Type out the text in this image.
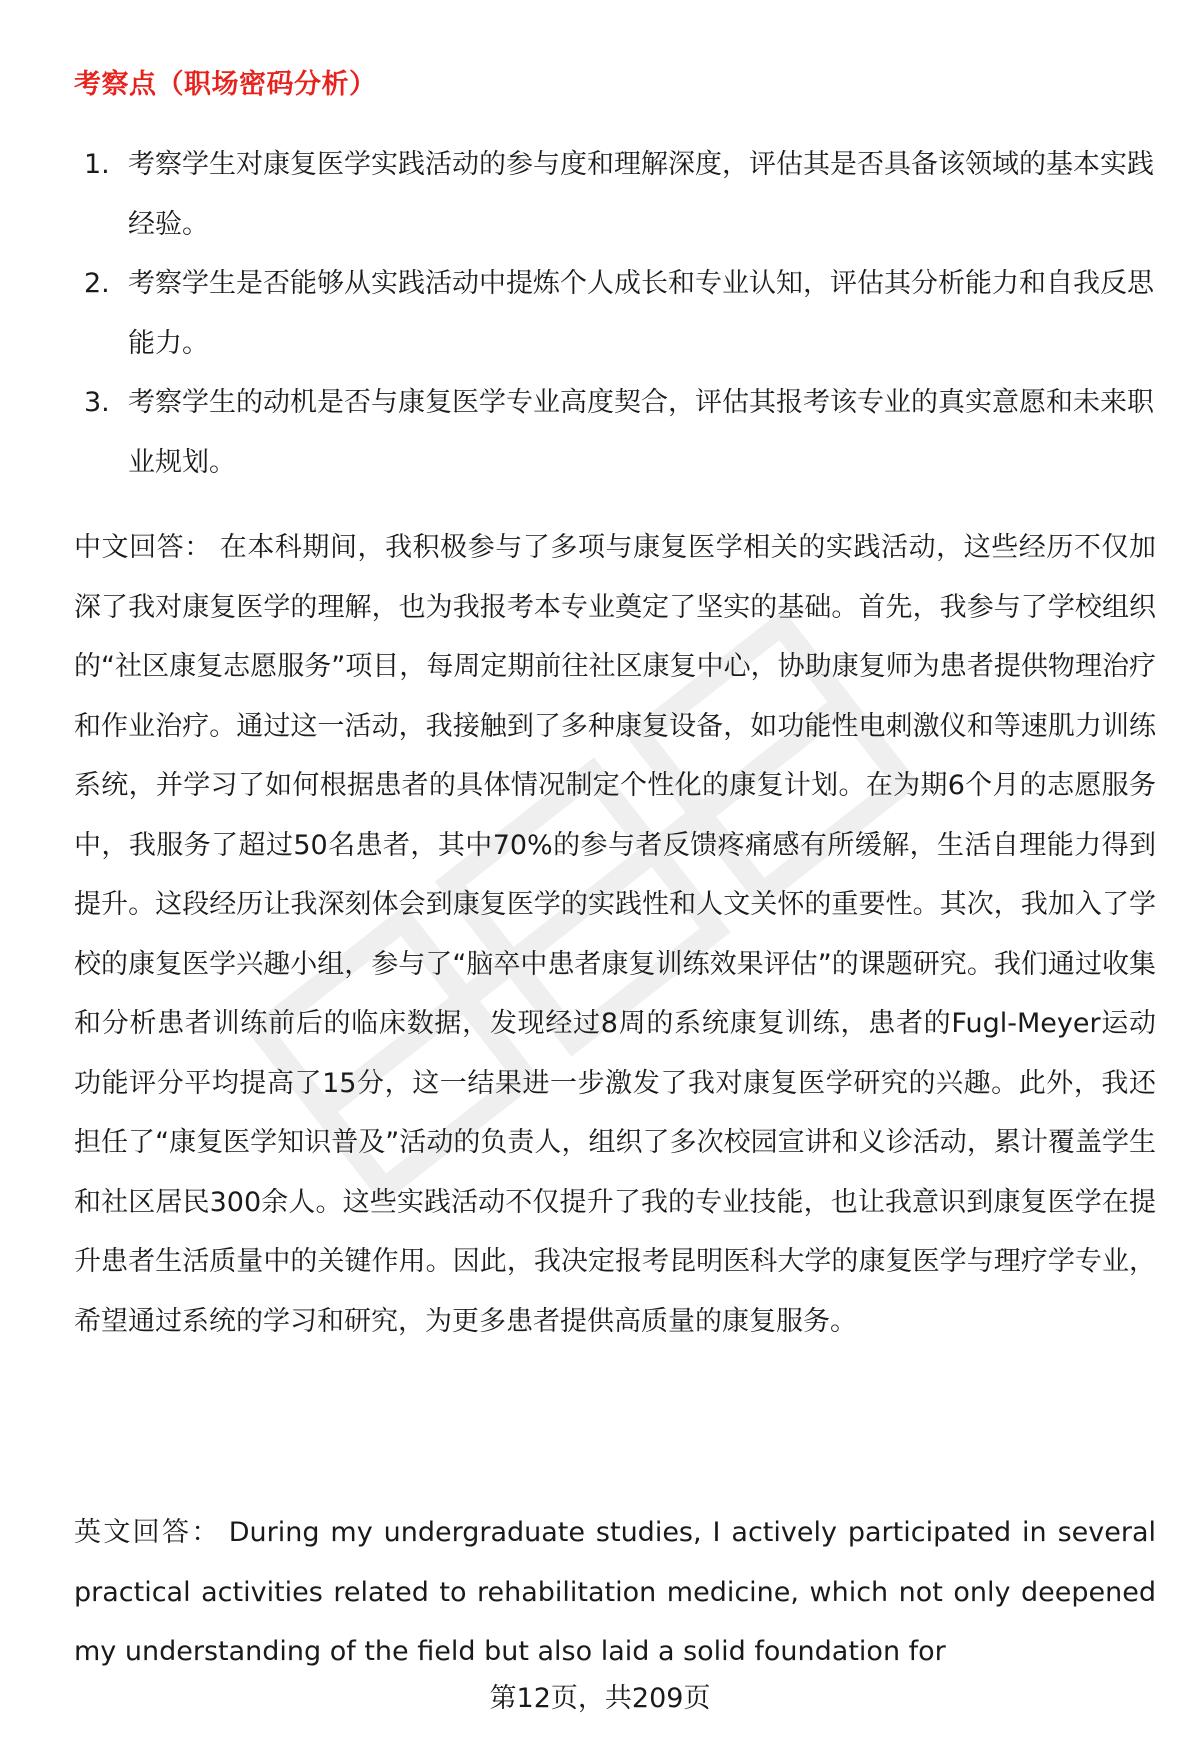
考察点（职场密码分析）
1. 考察学生对康复医学实践活动的参与度和理解深度，评估其是否具备该领域的基本实践经验。
2. 考察学生是否能够从实践活动中提炼个人成长和专业认知，评估其分析能力和自我反思能力。
3. 考察学生的动机是否与康复医学专业高度契合，评估其报考该专业的真实意愿和未来职业规划。

中文回答： 在本科期间，我积极参与了多项与康复医学相关的实践活动，这些经历不仅加深了我对康复医学的理解，也为我报考本专业奠定了坚实的基础。首先，我参与了学校组织的“社区康复志愿服务”项目，每周定期前往社区康复中心，协助康复师为患者提供物理治疗和作业治疗。通过这一活动，我接触到了多种康复设备，如功能性电刺激仪和等速肌力训练系统，并学习了如何根据患者的具体情况制定个性化的康复计划。在为期6个月的志愿服务中，我服务了超过50名患者，其中70%的参与者反馈疼痛感有所缓解，生活自理能力得到提升。这段经历让我深刻体会到康复医学的实践性和人文关怀的重要性。其次，我加入了学校的康复医学兴趣小组，参与了“脑卒中患者康复训练效果评估”的课题研究。我们通过收集和分析患者训练前后的临床数据，发现经过8周的系统康复训练，患者的Fugl-Meyer运动功能评分平均提高了15分，这一结果进一步激发了我对康复医学研究的兴趣。此外，我还担任了“康复医学知识普及”活动的负责人，组织了多次校园宣讲和义诊活动，累计覆盖学生和社区居民300余人。这些实践活动不仅提升了我的专业技能，也让我意识到康复医学在提升患者生活质量中的关键作用。因此，我决定报考昆明医科大学的康复医学与理疗学专业，希望通过系统的学习和研究，为更多患者提供高质量的康复服务。

英文回答： During my undergraduate studies, I actively participated in several practical activities related to rehabilitation medicine, which not only deepened my understanding of the field but also laid a solid foundation for

第12页，共209页
